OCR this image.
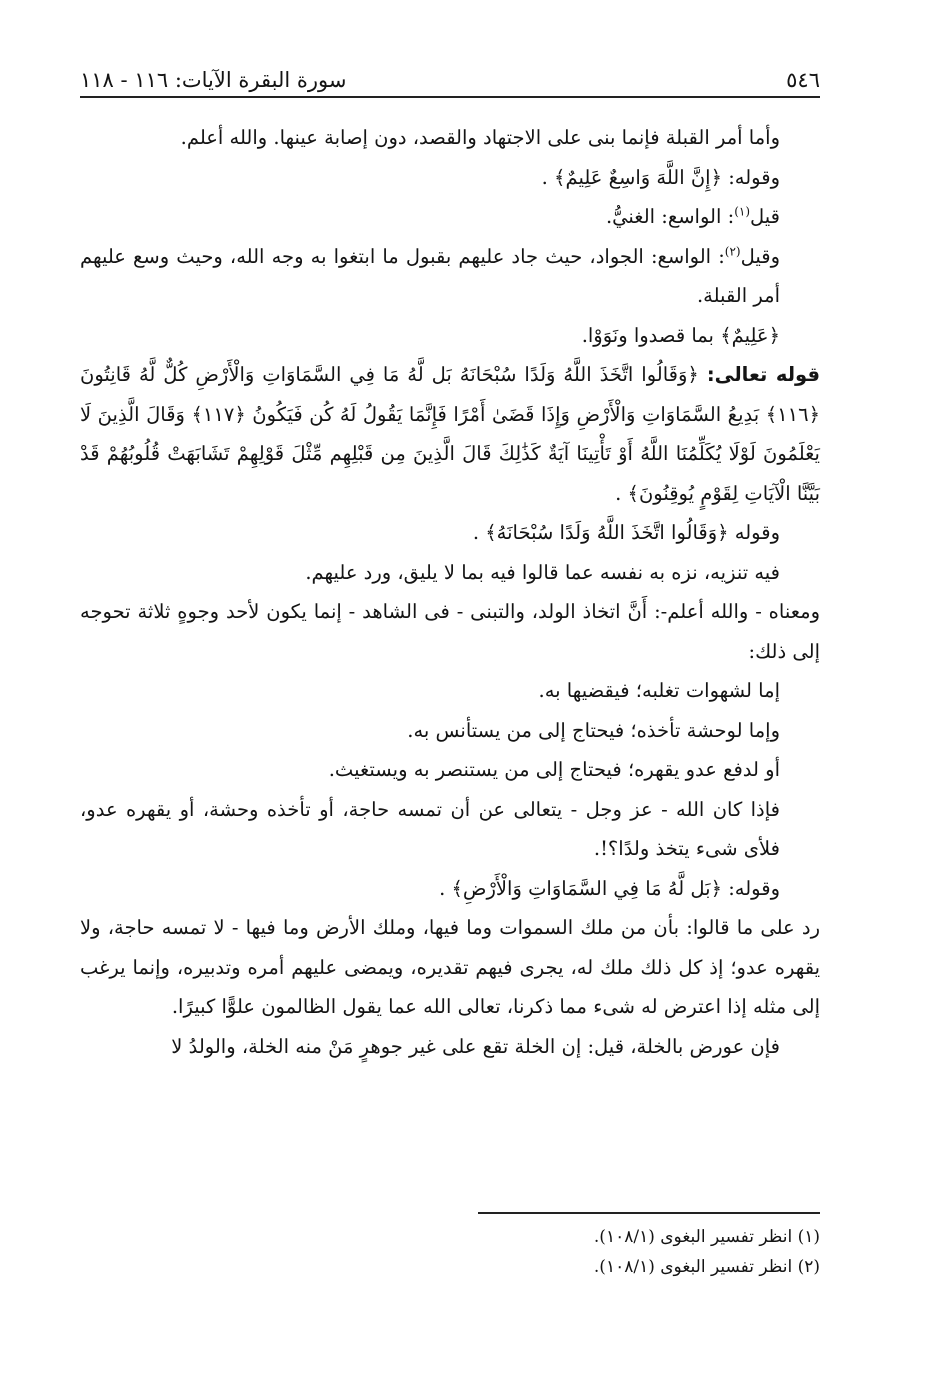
٥٤٦
سورة البقرة الآيات: ١١٦ - ١١٨

وأما أمر القبلة فإنما بنى على الاجتهاد والقصد، دون إصابة عينها. والله أعلم.

وقوله: ﴿إِنَّ اللَّهَ وَاسِعٌ عَلِيمٌ﴾ .

قيل$^{(١)}$: الواسع: الغنيُّ.

وقيل$^{(٢)}$: الواسع: الجواد، حيث جاد عليهم بقبول ما ابتغوا به وجه الله، وحيث وسع عليهم أمر القبلة.

﴿عَلِيمٌ﴾ بما قصدوا ونَوَوْا.

قوله تعالى: ﴿وَقَالُوا اتَّخَذَ اللَّهُ وَلَدًا سُبْحَانَهُ بَل لَّهُ مَا فِي السَّمَاوَاتِ وَالْأَرْضِ كُلٌّ لَّهُ قَانِتُونَ ﴿١١٦﴾ بَدِيعُ السَّمَاوَاتِ وَالْأَرْضِ وَإِذَا قَضَىٰ أَمْرًا فَإِنَّمَا يَقُولُ لَهُ كُن فَيَكُونُ ﴿١١٧﴾ وَقَالَ الَّذِينَ لَا يَعْلَمُونَ لَوْلَا يُكَلِّمُنَا اللَّهُ أَوْ تَأْتِينَا آيَةٌ كَذَٰلِكَ قَالَ الَّذِينَ مِن قَبْلِهِم مِّثْلَ قَوْلِهِمْ تَشَابَهَتْ قُلُوبُهُمْ قَدْ بَيَّنَّا الْآيَاتِ لِقَوْمٍ يُوقِنُونَ﴾ .

وقوله ﴿وَقَالُوا اتَّخَذَ اللَّهُ وَلَدًا سُبْحَانَهُ﴾ .

فيه تنزيه، نزه به نفسه عما قالوا فيه بما لا يليق، ورد عليهم.

ومعناه - والله أعلم-: أَنَّ اتخاذ الولد، والتبنى - فى الشاهد - إنما يكون لأحد وجوهٍ ثلاثة تحوجه إلى ذلك:

إما لشهوات تغلبه؛ فيقضيها به.

وإما لوحشة تأخذه؛ فيحتاج إلى من يستأنس به.

أو لدفع عدو يقهره؛ فيحتاج إلى من يستنصر به ويستغيث.

فإذا كان الله - عز وجل - يتعالى عن أن تمسه حاجة، أو تأخذه وحشة، أو يقهره عدو، فلأى شىء يتخذ ولدًا؟!.

وقوله: ﴿بَل لَّهُ مَا فِي السَّمَاوَاتِ وَالْأَرْضِ﴾ .

رد على ما قالوا: بأن من ملك السموات وما فيها، وملك الأرض وما فيها - لا تمسه حاجة، ولا يقهره عدو؛ إذ كل ذلك ملك له، يجرى فيهم تقديره، ويمضى عليهم أمره وتدبيره، وإنما يرغب إلى مثله إذا اعترض له شىء مما ذكرنا، تعالى الله عما يقول الظالمون علوًّا كبيرًا.

فإن عورض بالخلة، قيل: إن الخلة تقع على غير جوهرٍ مَنْ منه الخلة، والولدُ لا

(١) انظر تفسير البغوى (١٠٨/١).

(٢) انظر تفسير البغوى (١٠٨/١).
